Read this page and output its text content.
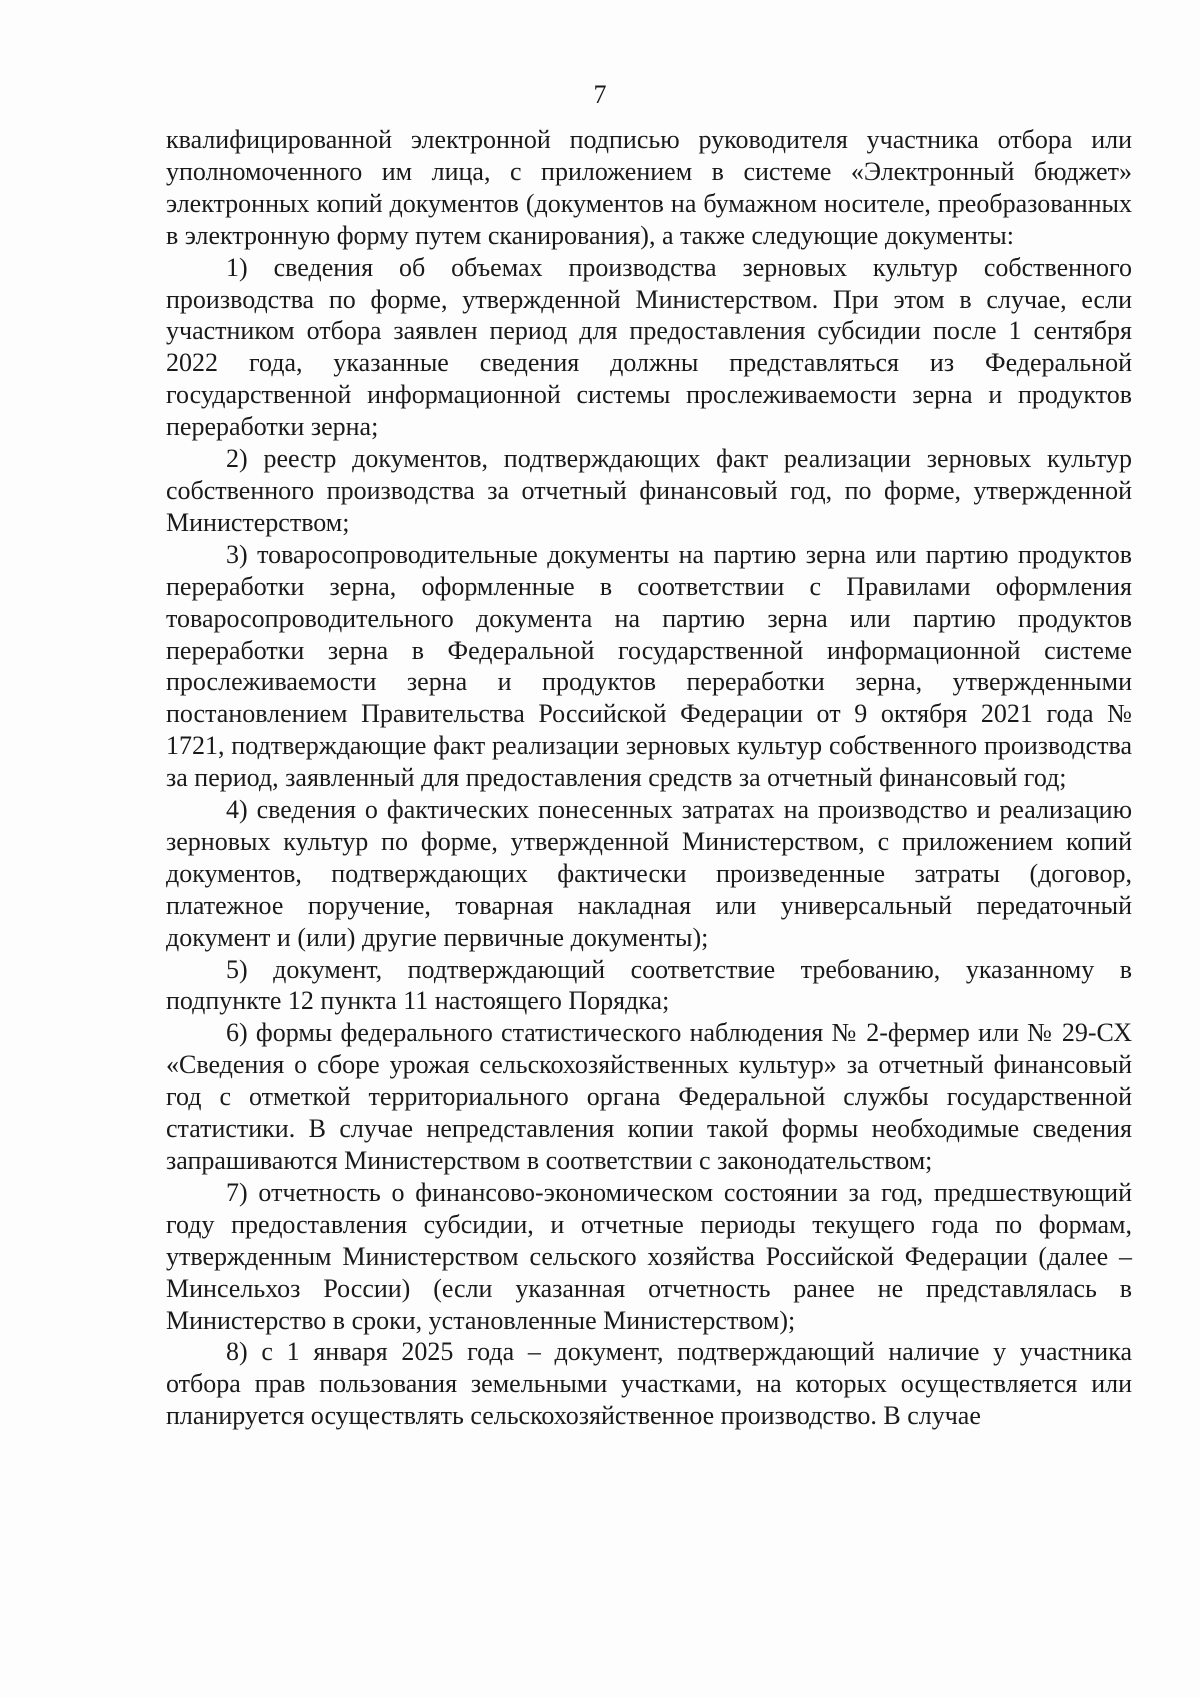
7

квалифицированной электронной подписью руководителя участника отбора или уполномоченного им лица, с приложением в системе «Электронный бюджет» электронных копий документов (документов на бумажном носителе, преобразованных в электронную форму путем сканирования), а также следующие документы:

1) сведения об объемах производства зерновых культур собственного производства по форме, утвержденной Министерством. При этом в случае, если участником отбора заявлен период для предоставления субсидии после 1 сентября 2022 года, указанные сведения должны представляться из Федеральной государственной информационной системы прослеживаемости зерна и продуктов переработки зерна;

2) реестр документов, подтверждающих факт реализации зерновых культур собственного производства за отчетный финансовый год, по форме, утвержденной Министерством;

3) товаросопроводительные документы на партию зерна или партию продуктов переработки зерна, оформленные в соответствии с Правилами оформления товаросопроводительного документа на партию зерна или партию продуктов переработки зерна в Федеральной государственной информационной системе прослеживаемости зерна и продуктов переработки зерна, утвержденными постановлением Правительства Российской Федерации от 9 октября 2021 года № 1721, подтверждающие факт реализации зерновых культур собственного производства за период, заявленный для предоставления средств за отчетный финансовый год;

4) сведения о фактических понесенных затратах на производство и реализацию зерновых культур по форме, утвержденной Министерством, с приложением копий документов, подтверждающих фактически произведенные затраты (договор, платежное поручение, товарная накладная или универсальный передаточный документ и (или) другие первичные документы);

5) документ, подтверждающий соответствие требованию, указанному в подпункте 12 пункта 11 настоящего Порядка;

6) формы федерального статистического наблюдения № 2-фермер или № 29-СХ «Сведения о сборе урожая сельскохозяйственных культур» за отчетный финансовый год с отметкой территориального органа Федеральной службы государственной статистики. В случае непредставления копии такой формы необходимые сведения запрашиваются Министерством в соответствии с законодательством;

7) отчетность о финансово-экономическом состоянии за год, предшествующий году предоставления субсидии, и отчетные периоды текущего года по формам, утвержденным Министерством сельского хозяйства Российской Федерации (далее – Минсельхоз России) (если указанная отчетность ранее не представлялась в Министерство в сроки, установленные Министерством);

8) с 1 января 2025 года – документ, подтверждающий наличие у участника отбора прав пользования земельными участками, на которых осуществляется или планируется осуществлять сельскохозяйственное производство. В случае
